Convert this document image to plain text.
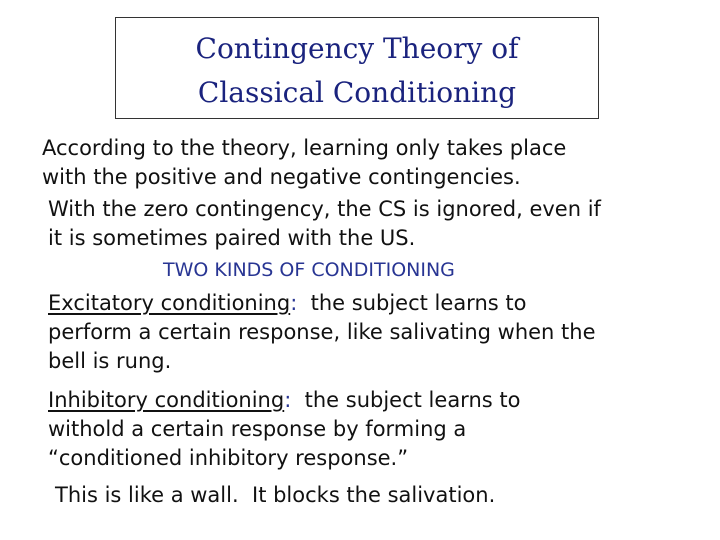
Contingency Theory of
Classical Conditioning
According to the theory, learning only takes place
with the positive and negative contingencies.
With the zero contingency, the CS is ignored, even if
it is sometimes paired with the US.
TWO KINDS OF CONDITIONING
Excitatory conditioning:  the subject learns to
perform a certain response, like salivating when the
bell is rung.
Inhibitory conditioning:  the subject learns to
withold a certain response by forming a
“conditioned inhibitory response.”
This is like a wall.  It blocks the salivation.
